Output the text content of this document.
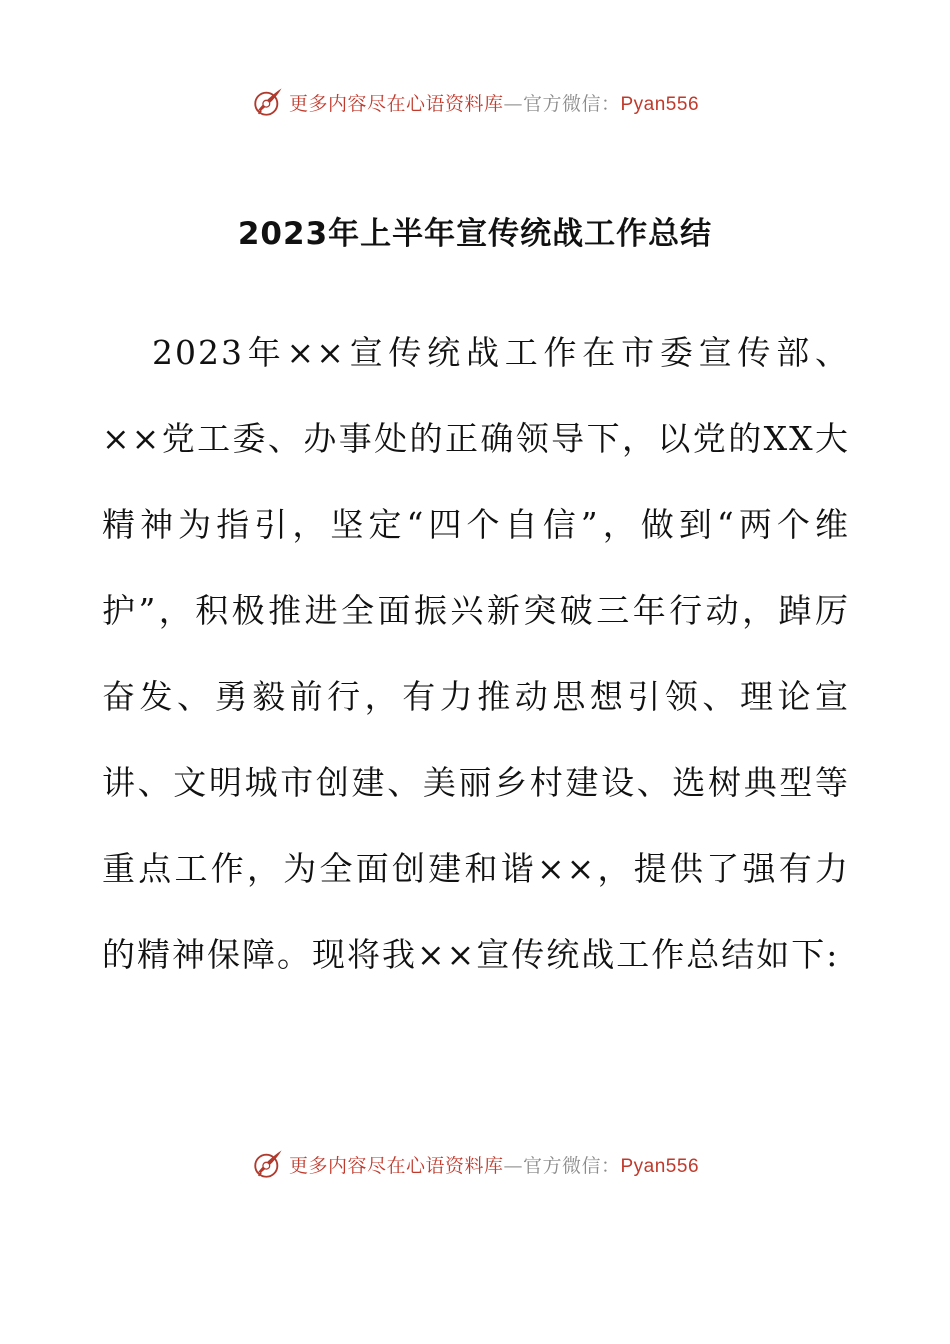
更多内容尽在心语资料库—官方微信：Pyan556
2023年上半年宣传统战工作总结
2023年××宣传统战工作在市委宣传部、××党工委、办事处的正确领导下，以党的XX大精神为指引，坚定“四个自信”，做到“两个维护”，积极推进全面振兴新突破三年行动，踔厉奋发、勇毅前行，有力推动思想引领、理论宣讲、文明城市创建、美丽乡村建设、选树典型等重点工作，为全面创建和谐××，提供了强有力的精神保障。现将我××宣传统战工作总结如下:
更多内容尽在心语资料库—官方微信：Pyan556
